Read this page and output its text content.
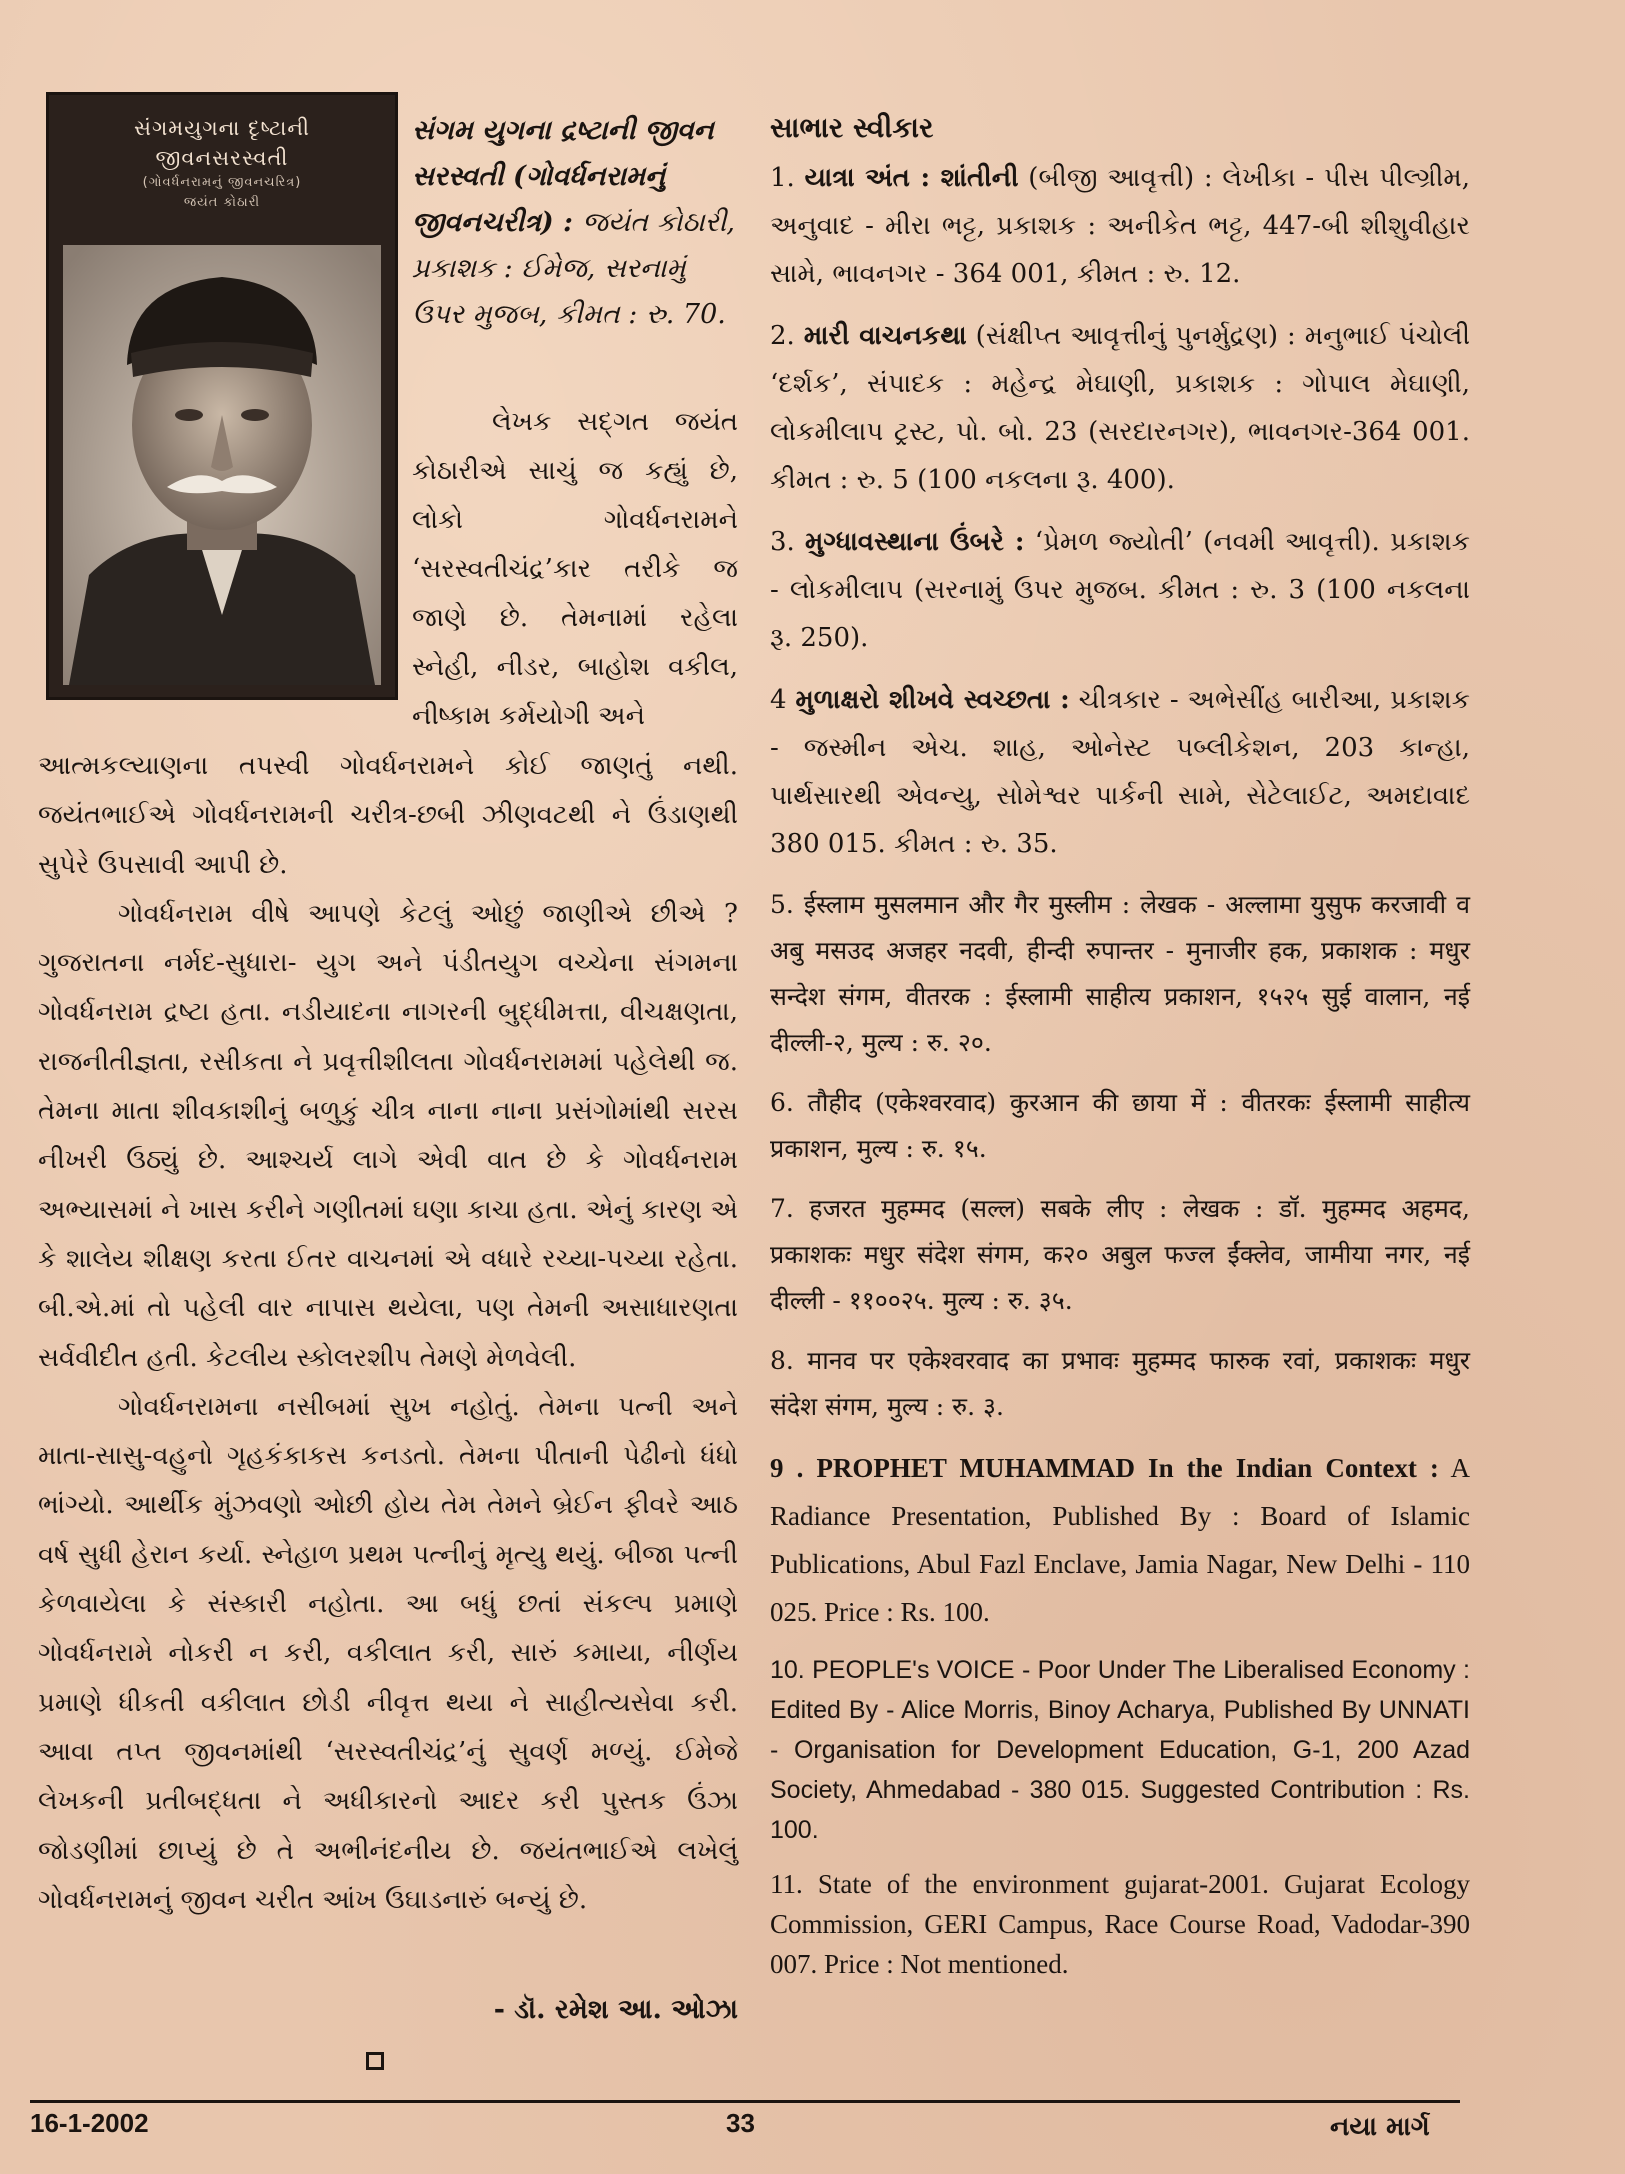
સંગમયુગના દૃષ્ટાની
જીવનસરસ્વતી
(ગોવર્ધનરામનું જીવનચરિત્ર)
જયંત કોઠારી
સંગમ યુગના દ્રષ્ટાની જીવન સરસ્વતી (ગોવર્ધનરામનું જીવનચરીત્ર) : જયંત કોઠારી, પ્રકાશક : ઈમેજ, સરનામું ઉપર મુજબ, કીમત : રુ. 70.
લેખક સદ્ગત જયંત કોઠારીએ સાચું જ કહ્યું છે, લોકો ગોવર્ધનરામને ‘સરસ્વતીચંદ્ર’કાર તરીકે જ જાણે છે. તેમનામાં રહેલા સ્નેહી, નીડર, બાહોશ વકીલ, નીષ્કામ કર્મયોગી અને

આત્મકલ્યાણના તપસ્વી ગોવર્ધનરામને કોઈ જાણતું નથી. જયંતભાઈએ ગોવર્ધનરામની ચરીત્ર-છબી ઝીણવટથી ને ઉંડાણથી સુપેરે ઉપસાવી આપી છે.

ગોવર્ધનરામ વીષે આપણે કેટલું ઓછું જાણીએ છીએ ? ગુજરાતના નર્મદ-સુધારા- યુગ અને પંડીતયુગ વચ્ચેના સંગમના ગોવર્ધનરામ દ્રષ્ટા હતા. નડીયાદના નાગરની બુદ્ધીમત્તા, વીચક્ષણતા, રાજનીતીજ્ઞતા, રસીકતા ને પ્રવૃત્તીશીલતા ગોવર્ધનરામમાં પહેલેથી જ. તેમના માતા શીવકાશીનું બળુકું ચીત્ર નાના નાના પ્રસંગોમાંથી સરસ નીખરી ઉઠ્યું છે. આશ્ચર્ય લાગે એવી વાત છે કે ગોવર્ધનરામ અભ્યાસમાં ને ખાસ કરીને ગણીતમાં ઘણા કાચા હતા. એનું કારણ એ કે શાલેય શીક્ષણ કરતા ઈતર વાચનમાં એ વધારે રચ્યા-પચ્યા રહેતા. બી.એ.માં તો પહેલી વાર નાપાસ થયેલા, પણ તેમની અસાધારણતા સર્વવીદીત હતી. કેટલીય સ્કોલરશીપ તેમણે મેળવેલી.

ગોવર્ધનરામના નસીબમાં સુખ નહોતું. તેમના પત્ની અને માતા-સાસુ-વહુનો ગૃહકંકાકસ કનડતો. તેમના પીતાની પેઢીનો ધંધો ભાંગ્યો. આર્થીક મુંઝવણો ઓછી હોય તેમ તેમને બ્રેઈન ફીવરે આઠ વર્ષ સુધી હેરાન કર્યા. સ્નેહાળ પ્રથમ પત્નીનું મૃત્યુ થયું. બીજા પત્ની કેળવાયેલા કે સંસ્કારી નહોતા. આ બધું છતાં સંકલ્પ પ્રમાણે ગોવર્ધનરામે નોકરી ન કરી, વકીલાત કરી, સારું કમાયા, નીર્ણય પ્રમાણે ધીકતી વકીલાત છોડી નીવૃત્ત થયા ને સાહીત્યસેવા કરી. આવા તપ્ત જીવનમાંથી ‘સરસ્વતીચંદ્ર’નું સુવર્ણ મળ્યું. ઈમેજે લેખકની પ્રતીબદ્ધતા ને અધીકારનો આદર કરી પુસ્તક ઉંઝા જોડણીમાં છાપ્યું છે તે અભીનંદનીય છે. જયંતભાઈએ લખેલું ગોવર્ધનરામનું જીવન ચરીત આંખ ઉઘાડનારું બન્યું છે.

- ડૉ. રમેશ આ. ઓઝા
સાભાર સ્વીકાર

1. યાત્રા અંત : શાંતીની (બીજી આવૃત્તી) : લેખીકા - પીસ પીલ્ગ્રીમ, અનુવાદ - મીરા ભટ્ટ, પ્રકાશક : અનીકેત ભટ્ટ, 447-બી શીશુવીહાર સામે, ભાવનગર - 364 001, કીમત : રુ. 12.

2. મારી વાચનકથા (સંક્ષીપ્ત આવૃત્તીનું પુનર્મુદ્રણ) : મનુભાઈ પંચોલી ‘દર્શક’, સંપાદક : મહેન્દ્ર મેઘાણી, પ્રકાશક : ગોપાલ મેઘાણી, લોકમીલાપ ટ્રસ્ટ, પો. બો. 23 (સરદારનગર), ભાવનગર-364 001. કીમત : રુ. 5 (100 નકલના રૂ. 400).

3. મુગ્ધાવસ્થાના ઉંબરે : ‘પ્રેમળ જ્યોતી’ (નવમી આવૃત્તી). પ્રકાશક - લોકમીલાપ (સરનામું ઉપર મુજબ. કીમત : રુ. 3 (100 નકલના રૂ. 250).

4 મુળાક્ષરો શીખવે સ્વચ્છતા : ચીત્રકાર - અભેસીંહ બારીઆ, પ્રકાશક - જસ્મીન એચ. શાહ, ઓનેસ્ટ પબ્લીકેશન, 203 કાન્હા, પાર્થસારથી એવન્યુ, સોમેશ્વર પાર્કની સામે, સેટેલાઈટ, અમદાવાદ 380 015. કીમત : રુ. 35.

5. ईस्लाम मुसलमान और गैर मुस्लीम : लेखक - अल्लामा युसुफ करजावी व अबु मसउद अजहर नदवी, हीन्दी रुपान्तर - मुनाजीर हक, प्रकाशक : मधुर सन्देश संगम, वीतरक : ईस्लामी साहीत्य प्रकाशन, १५२५ सुई वालान, नई दील्ली-२, मुल्य : रु. २०.

6. तौहीद (एकेश्वरवाद) कुरआन की छाया में : वीतरकः ईस्लामी साहीत्य प्रकाशन, मुल्य : रु. १५.

7. हजरत मुहम्मद (सल्ल) सबके लीए : लेखक : डॉ. मुहम्मद अहमद, प्रकाशकः मधुर संदेश संगम, क२० अबुल फज्ल ईंक्लेव, जामीया नगर, नई दील्ली - ११००२५. मुल्य : रु. ३५.

8. मानव पर एकेश्वरवाद का प्रभावः मुहम्मद फारुक रवां, प्रकाशकः मधुर संदेश संगम, मुल्य : रु. ३.

9 . PROPHET MUHAMMAD In the Indian Context : A Radiance Presentation, Published By : Board of Islamic Publications, Abul Fazl Enclave, Jamia Nagar, New Delhi - 110 025. Price : Rs. 100.

10. PEOPLE's VOICE - Poor Under The Liberalised Economy : Edited By - Alice Morris, Binoy Acharya, Published By UNNATI - Organisation for Development Education, G-1, 200 Azad Society, Ahmedabad - 380 015. Suggested Contribution : Rs. 100.

11. State of the environment gujarat-2001. Gujarat Ecology Commission, GERI Campus, Race Course Road, Vadodar-390 007. Price : Not mentioned.

16-1-2002	33	નયા માર્ગ
